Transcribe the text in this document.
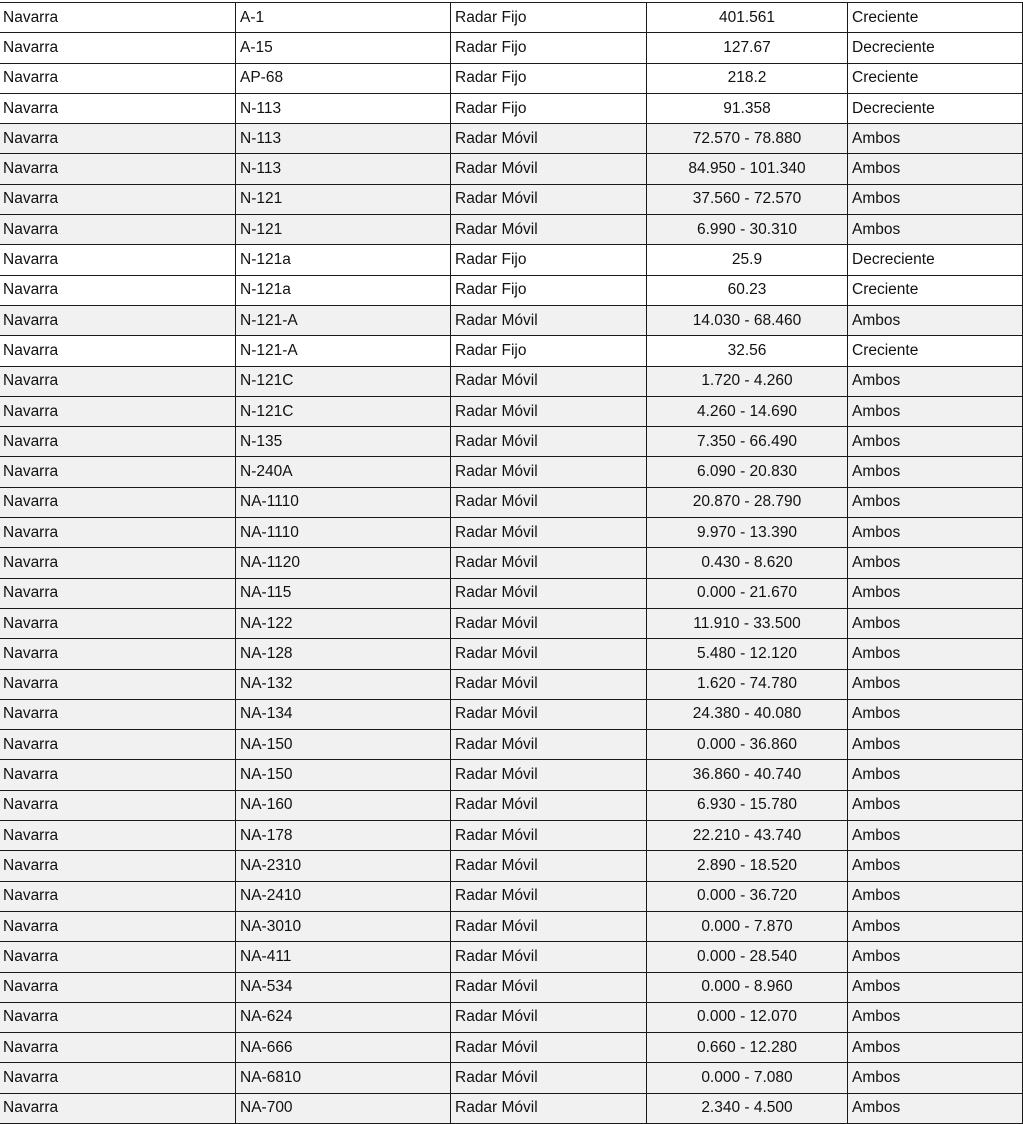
Navarra	A-1	Radar Fijo	401.561	Creciente
Navarra	A-15	Radar Fijo	127.67	Decreciente
Navarra	AP-68	Radar Fijo	218.2	Creciente
Navarra	N-113	Radar Fijo	91.358	Decreciente
Navarra	N-113	Radar Móvil	72.570 - 78.880	Ambos
Navarra	N-113	Radar Móvil	84.950 - 101.340	Ambos
Navarra	N-121	Radar Móvil	37.560 - 72.570	Ambos
Navarra	N-121	Radar Móvil	6.990 - 30.310	Ambos
Navarra	N-121a	Radar Fijo	25.9	Decreciente
Navarra	N-121a	Radar Fijo	60.23	Creciente
Navarra	N-121-A	Radar Móvil	14.030 - 68.460	Ambos
Navarra	N-121-A	Radar Fijo	32.56	Creciente
Navarra	N-121C	Radar Móvil	1.720 - 4.260	Ambos
Navarra	N-121C	Radar Móvil	4.260 - 14.690	Ambos
Navarra	N-135	Radar Móvil	7.350 - 66.490	Ambos
Navarra	N-240A	Radar Móvil	6.090 - 20.830	Ambos
Navarra	NA-1110	Radar Móvil	20.870 - 28.790	Ambos
Navarra	NA-1110	Radar Móvil	9.970 - 13.390	Ambos
Navarra	NA-1120	Radar Móvil	0.430 - 8.620	Ambos
Navarra	NA-115	Radar Móvil	0.000 - 21.670	Ambos
Navarra	NA-122	Radar Móvil	11.910 - 33.500	Ambos
Navarra	NA-128	Radar Móvil	5.480 - 12.120	Ambos
Navarra	NA-132	Radar Móvil	1.620 - 74.780	Ambos
Navarra	NA-134	Radar Móvil	24.380 - 40.080	Ambos
Navarra	NA-150	Radar Móvil	0.000 - 36.860	Ambos
Navarra	NA-150	Radar Móvil	36.860 - 40.740	Ambos
Navarra	NA-160	Radar Móvil	6.930 - 15.780	Ambos
Navarra	NA-178	Radar Móvil	22.210 - 43.740	Ambos
Navarra	NA-2310	Radar Móvil	2.890 - 18.520	Ambos
Navarra	NA-2410	Radar Móvil	0.000 - 36.720	Ambos
Navarra	NA-3010	Radar Móvil	0.000 - 7.870	Ambos
Navarra	NA-411	Radar Móvil	0.000 - 28.540	Ambos
Navarra	NA-534	Radar Móvil	0.000 - 8.960	Ambos
Navarra	NA-624	Radar Móvil	0.000 - 12.070	Ambos
Navarra	NA-666	Radar Móvil	0.660 - 12.280	Ambos
Navarra	NA-6810	Radar Móvil	0.000 - 7.080	Ambos
Navarra	NA-700	Radar Móvil	2.340 - 4.500	Ambos
